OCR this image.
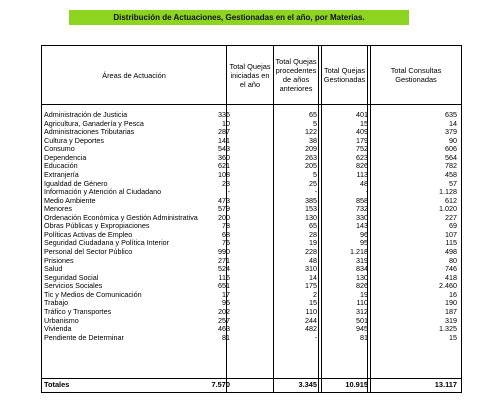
Distribución de Actuaciones, Gestionadas en el año, por Materias.
Áreas de Actuación
Total Quejas iniciadas en el año
Total Quejas procedentes de años anteriores
Total Quejas Gestionadas
Total Consultas Gestionadas
Administración de Justicia	336	65	401	635
Agricultura, Ganadería y Pesca	10	5	15	14
Administraciones Tributarias	287	122	409	379
Cultura y Deportes	141	38	179	90
Consumo	543	209	752	606
Dependencia	360	263	623	564
Educación	621	205	826	782
Extranjería	108	5	113	458
Igualdad de Género	23	25	48	57
Información y Atención al Ciudadano	-	-	-	1.128
Medio Ambiente	473	385	858	612
Menores	579	153	732	1.020
Ordenación Económica y Gestión Administrativa	200	130	330	227
Obras Públicas y Expropiaciones	78	65	143	69
Políticas Activas de Empleo	68	28	96	107
Seguridad Ciudadana y Política Interior	76	19	95	115
Personal del Sector Público	990	228	1.218	498
Prisiones	271	48	319	80
Salud	524	310	834	746
Seguridad Social	116	14	130	418
Servicios Sociales	651	175	826	2.460
Tic y Medios de Comunicación	17	2	19	16
Trabajo	95	15	110	190
Tráfico y Transportes	202	110	312	187
Urbanismo	257	244	501	319
Vivienda	463	482	945	1.325
Pendiente de Determinar	81	-	81	15
Totales	7.570	3.345	10.915	13.117
